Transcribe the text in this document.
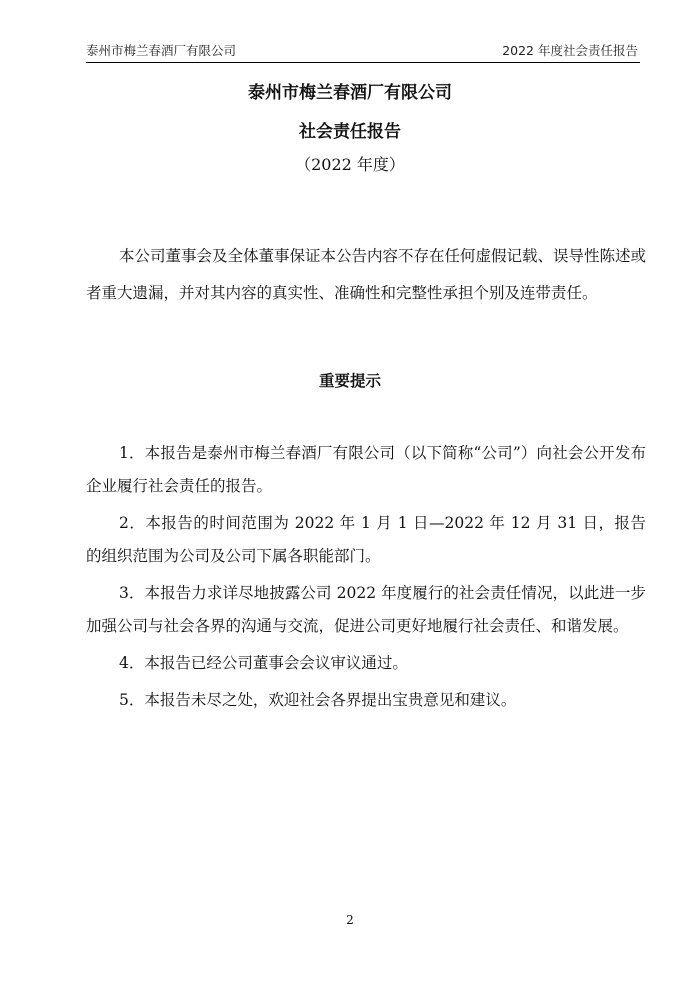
泰州市梅兰春酒厂有限公司	2022 年度社会责任报告
泰州市梅兰春酒厂有限公司
社会责任报告
（2022 年度）

本公司董事会及全体董事保证本公告内容不存在任何虚假记载、误导性陈述或者重大遗漏，并对其内容的真实性、准确性和完整性承担个别及连带责任。

重要提示
1．本报告是泰州市梅兰春酒厂有限公司（以下简称“公司”）向社会公开发布企业履行社会责任的报告。
2．本报告的时间范围为 2022 年 1 月 1 日—2022 年 12 月 31 日，报告的组织范围为公司及公司下属各职能部门。
3．本报告力求详尽地披露公司 2022 年度履行的社会责任情况，以此进一步加强公司与社会各界的沟通与交流，促进公司更好地履行社会责任、和谐发展。
4．本报告已经公司董事会会议审议通过。
5．本报告未尽之处，欢迎社会各界提出宝贵意见和建议。
2
